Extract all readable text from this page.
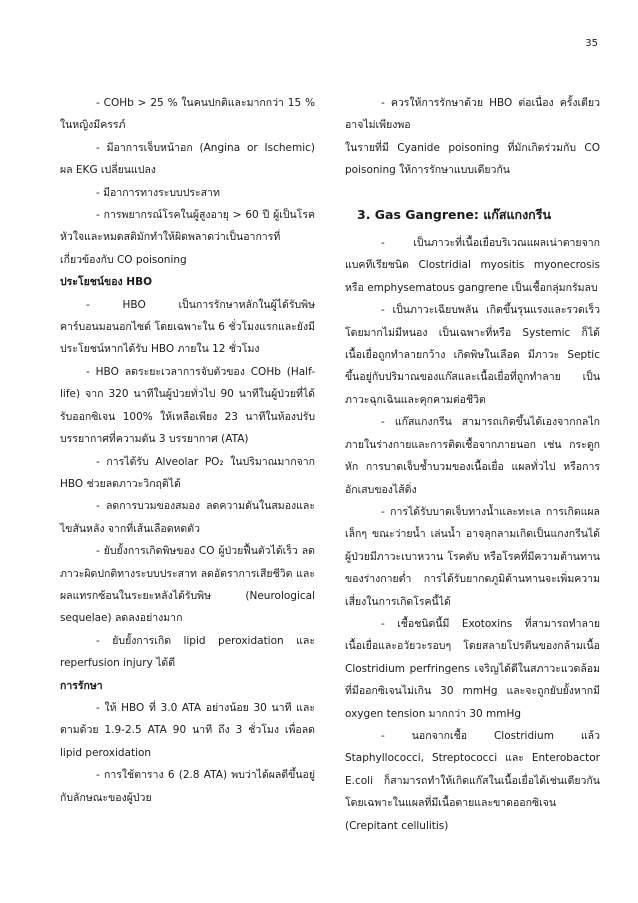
35

- COHb > 25 % ในคนปกติและมากกว่า 15 % ในหญิงมีครรภ์

- มีอาการเจ็บหน้าอก (Angina or Ischemic) ผล EKG เปลี่ยนแปลง

- มีอาการทางระบบประสาท

- การพยากรณ์โรคในผู้สูงอายุ > 60 ปี ผู้เป็นโรคหัวใจและหมดสติมักทำให้ผิดพลาดว่าเป็นอาการที่เกี่ยวข้องกับ CO poisoning

ประโยชน์ของ HBO

- HBO เป็นการรักษาหลักในผู้ได้รับพิษคาร์บอนมอนอกไซด์ โดยเฉพาะใน 6 ชั่วโมงแรกและยังมีประโยชน์หากได้รับ HBO ภายใน 12 ชั่วโมง

- HBO ลดระยะเวลาการจับตัวของ COHb (Half-life) จาก 320 นาทีในผู้ป่วยทั่วไป 90 นาทีในผู้ป่วยที่ได้รับออกซิเจน 100% ให้เหลือเพียง 23 นาทีในห้องปรับบรรยากาศที่ความดัน 3 บรรยากาศ (ATA)

- การได้รับ Alveolar PO₂ ในปริมาณมากจาก HBO ช่วยลดภาวะวิกฤติได้

- ลดการบวมของสมอง ลดความดันในสมองและไขสันหลัง จากที่เส้นเลือดหดตัว

- ยับยั้งการเกิดพิษของ CO ผู้ป่วยฟื้นตัวได้เร็ว ลดภาวะผิดปกติทางระบบประสาท ลดอัตราการเสียชีวิต และผลแทรกซ้อนในระยะหลังได้รับพิษ (Neurological sequelae) ลดลงอย่างมาก

- ยับยั้งการเกิด lipid peroxidation และ reperfusion injury ได้ดี

การรักษา

- ให้ HBO ที่ 3.0 ATA อย่างน้อย 30 นาที และตามด้วย 1.9-2.5 ATA 90 นาที ถึง 3 ชั่วโมง เพื่อลด lipid peroxidation

- การใช้ตาราง 6 (2.8 ATA) พบว่าได้ผลดีขึ้นอยู่กับลักษณะของผู้ป่วย

- ควรให้การรักษาด้วย HBO ต่อเนื่อง ครั้งเดียวอาจไม่เพียงพอ

ในรายที่มี Cyanide poisoning ที่มักเกิดร่วมกับ CO poisoning ให้การรักษาแบบเดียวกัน

3. Gas Gangrene: แก๊สแกงกรีน

- เป็นภาวะที่เนื้อเยื่อบริเวณแผลเน่าตายจากแบคทีเรียชนิด Clostridial myositis myonecrosis หรือ emphysematous gangrene เป็นเชื้อกลุ่มกรัมลบ

- เป็นภาวะเฉียบพลัน เกิดขึ้นรุนแรงและรวดเร็ว โดยมากไม่มีหนอง เป็นเฉพาะที่หรือ Systemic ก็ได้ เนื้อเยื่อถูกทำลายกว้าง เกิดพิษในเลือด มีภาวะ Septic ขึ้นอยู่กับปริมาณของแก๊สและเนื้อเยื่อที่ถูกทำลาย เป็นภาวะฉุกเฉินและคุกคามต่อชีวิต

- แก๊สแกงกรีน สามารถเกิดขึ้นได้เองจากกลไกภายในร่างกายและการติดเชื้อจากภายนอก เช่น กระดูกหัก การบาดเจ็บช้ำบวมของเนื้อเยื่อ แผลทั่วไป หรือการอักเสบของไส้ติ่ง

- การได้รับบาดเจ็บทางน้ำและทะเล การเกิดแผลเล็กๆ ขณะว่ายน้ำ เล่นน้ำ อาจลุกลามเกิดเป็นแกงกรีนได้ ผู้ป่วยมีภาวะเบาหวาน โรคตับ หรือโรคที่มีความต้านทานของร่างกายต่ำ การได้รับยากดภูมิต้านทานจะเพิ่มความเสี่ยงในการเกิดโรคนี้ได้

- เชื้อชนิดนี้มี Exotoxins ที่สามารถทำลายเนื้อเยื่อและอวัยวะรอบๆ โดยสลายโปรตีนของกล้ามเนื้อ Clostridium perfringens เจริญได้ดีในสภาวะแวดล้อมที่มีออกซิเจนไม่เกิน 30 mmHg และจะถูกยับยั้งหากมี oxygen tension มากกว่า 30 mmHg

- นอกจากเชื้อ Clostridium แล้ว Staphyllococci, Streptococci และ Enterobactor E.coli ก็สามารถทำให้เกิดแก๊สในเนื้อเยื่อได้เช่นเดียวกัน โดยเฉพาะในแผลที่มีเนื้อตายและขาดออกซิเจน (Crepitant cellulitis)
